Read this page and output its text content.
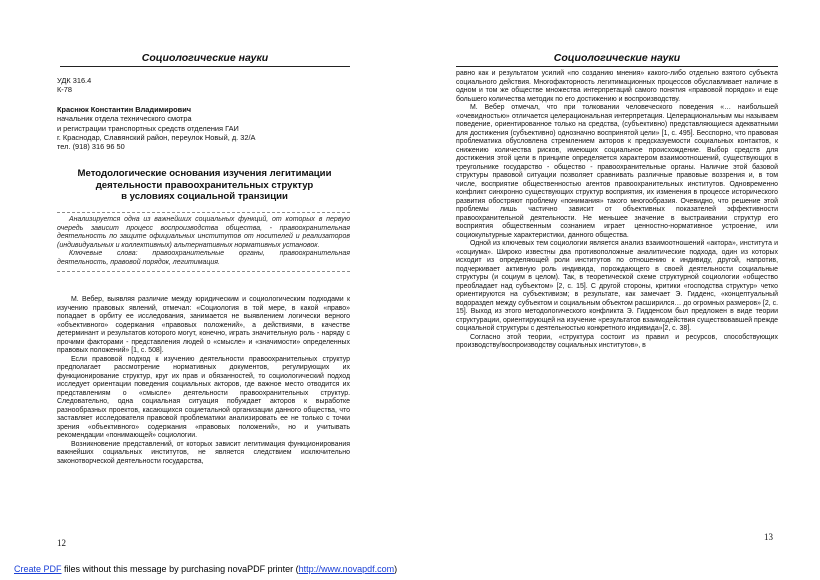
Социологические науки
УДК 316.4
К-78
Краснюк Константин Владимирович
начальник отдела технического смотра
и регистрации транспортных средств отделения ГАИ
г. Краснодар, Славянский район, переулок Новый, д. 32/А
тел. (918) 316 96 50
Методологические основания изучения легитимации
деятельности правоохранительных структур
в условиях социальной транзиции

Анализируется одна из важнейших социальных функций, от которых в первую очередь зависит процесс воспроизводства общества, - правоохранительная деятельность по защите официальных институтов от носителей и реализаторов (индивидуальных и коллективных) альтернативных нормативных установок.

Ключевые слова: правоохранительные органы, правоохранительная деятельность, правовой порядок, легитимация.

М. Вебер, выявляя различие между юридическим и социологическим подходами к изучению правовых явлений, отмечал: «Социология в той мере, в какой «право» попадает в орбиту ее исследования, занимается не выявлением логически верного «объективного» содержания «правовых положений», а действиями, в качестве детерминант и результатов которого могут, конечно, играть значительную роль - наряду с прочими факторами - представления людей о «смысле» и «значимости» определенных правовых положений» [1, с. 508].

Если правовой подход к изучению деятельности правоохранительных структур предполагает рассмотрение нормативных документов, регулирующих их функционирование структур, круг их прав и обязанностей, то социологический подход исследует ориентации поведения социальных акторов, где важное место отводится их представлениям о «смысле» деятельности правоохранительных структур. Следовательно, одна социальная ситуация побуждает акторов к выработке разнообразных проектов, касающихся социетальной организации данного общества, что заставляет исследователя правовой проблематики анализировать ее не только с точки зрения «объективного» содержания «правовых положений», но и учитывать рекомендации «понимающей» социологии.

Возникновение представлений, от которых зависит легитимация функционирования важнейших социальных институтов, не является следствием исключительно законотворческой деятельности государства,

12
Социологические науки

равно как и результатом усилий «по созданию мнения» какого-либо отдельно взятого субъекта социального действия. Многофакторность легитимационных процессов обуславливает наличие в одном и том же обществе множества интерпретаций самого понятия «правовой порядок» и еще большего количества методик по его достижению и воспроизводству.

М. Вебер отмечал, что при толковании человеческого поведения «… наибольшей «очевидностью» отличается целерациональная интерпретация. Целерациональным мы называем поведение, ориентированное только на средства, (субъективно) представляющиеся адекватными для достижения (субъективно) однозначно воспринятой цели» [1, с. 495]. Бесспорно, что правовая проблематика обусловлена стремлением акторов к предсказуемости социальных контактов, к снижению количества рисков, имеющих социальное происхождение. Выбор средств для достижения этой цели в принципе определяется характером взаимоотношений, существующих в треугольнике государство - общество - правоохранительные органы. Наличие этой базовой структуры правовой ситуации позволяет сравнивать различные правовые воззрения и, в том числе, восприятие общественностью агентов правоохранительных институтов. Одновременно конфликт синхронно существующих структур восприятия, их изменения в процессе исторического развития обостряют проблему «понимания» такого многообразия. Очевидно, что решение этой проблемы лишь частично зависит от объективных показателей эффективности правоохранительной деятельности. Не меньшее значение в выстраивании структур его восприятия общественным сознанием играет ценностно-нормативное устроение, или социокультурные характеристики, данного общества.

Одной из ключевых тем социологии является анализ взаимоотношений «актора», институтa и «социума». Широко известны два противоположные аналитические подхода, один из которых исходит из определяющей роли институтов по отношению к индивиду, другой, напротив, подчеркивает активную роль индивида, порождающего в своей деятельности социальные структуры (и социум в целом). Так, в теоретической схеме структурной социологии «общество преобладает над субъектом» [2, с. 15]. С другой стороны, критики «господства структур» четко ориентируются на субъективизм; в результате, как замечает Э. Гидденс, «концептуальный водораздел между субъектом и социальным объектом расширился… до огромных размеров» [2, с. 15]. Выход из этого методологического конфликта Э. Гидденсом был предложен в виде теории структурации, ориентирующей на изучение «результатов взаимодействия существовавшей прежде социальной структуры с деятельностью конкретного индивида»[2, с. 38].

Согласно этой теории, «структура состоит из правил и ресурсов, способствующих производству/воспроизводству социальных институтов», в

13
Create PDF files without this message by purchasing novaPDF printer (http://www.novapdf.com)
